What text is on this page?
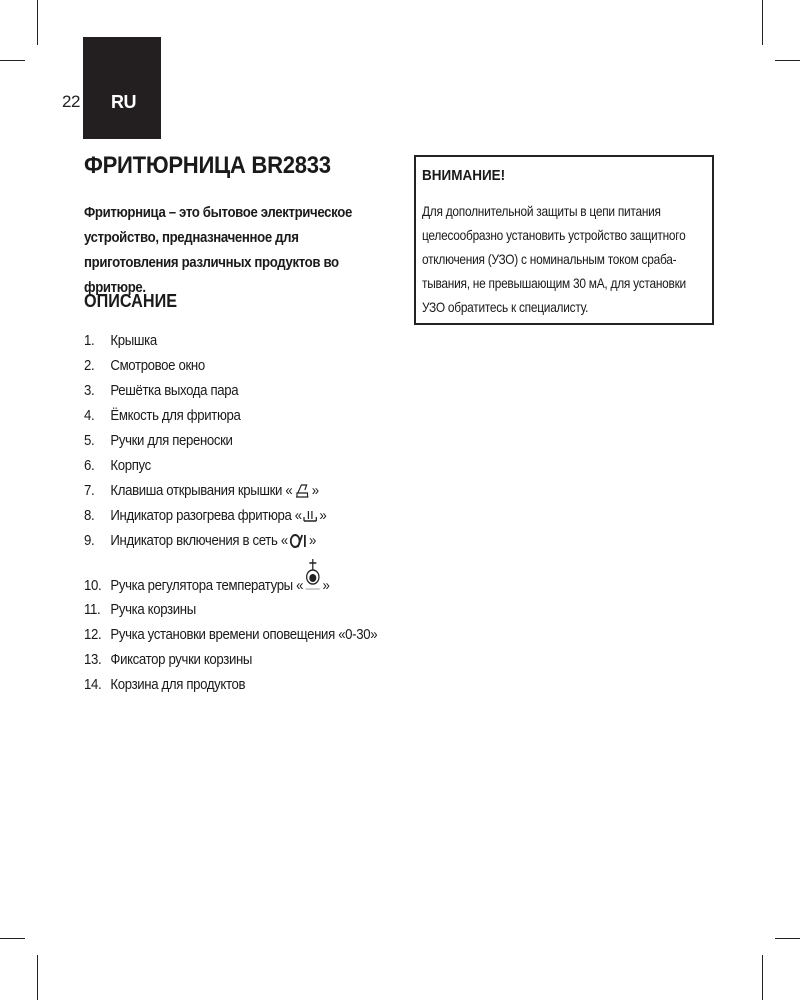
22 RU
ФРИТЮРНИЦА BR2833

Фритюрница – это бытовое электрическое устройство, предназначенное для приготовления различных продуктов во фритюре.

ОПИСАНИЕ
1.	Крышка
2.	Смотровое окно
3.	Решётка выхода пара
4.	Ёмкость для фритюра
5.	Ручки для переноски
6.	Корпус
7.	Клавиша открывания крышки « »
8.	Индикатор разогрева фритюра « »
9.	Индикатор включения в сеть « »
10. Ручка регулятора температуры « »
11. Ручка корзины
12. Ручка установки времени оповещения «0-30»
13. Фиксатор ручки корзины
14. Корзина для продуктов
ВНИМАНИЕ!

Для дополнительной защиты в цепи питания
целесообразно установить устройство защитного
отключения (УЗО) с номинальным током сраба-
тывания, не превышающим 30 мА, для установки
УЗО обратитесь к специалисту.
